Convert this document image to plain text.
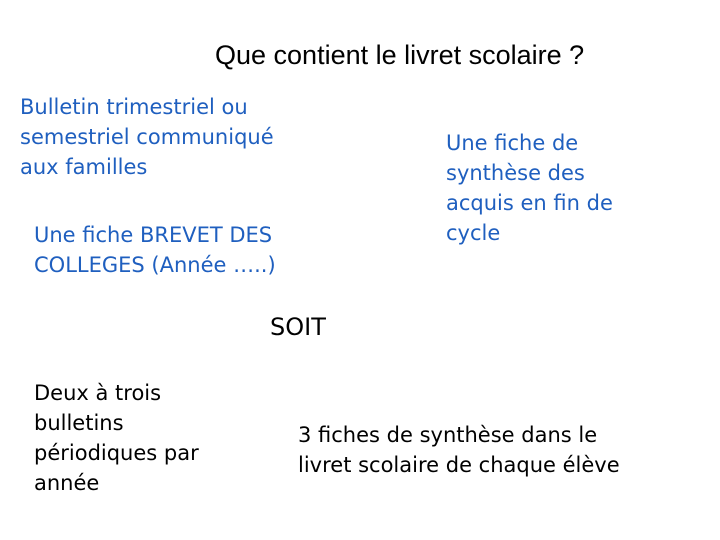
Que contient le livret scolaire ?
Bulletin trimestriel ou
semestriel communiqué
aux familles
Une fiche BREVET DES
COLLEGES (Année …..)
Une fiche de
synthèse des
acquis en fin de
cycle
SOIT
Deux à trois
bulletins
périodiques par
année
3 fiches de synthèse dans le
livret scolaire de chaque élève
